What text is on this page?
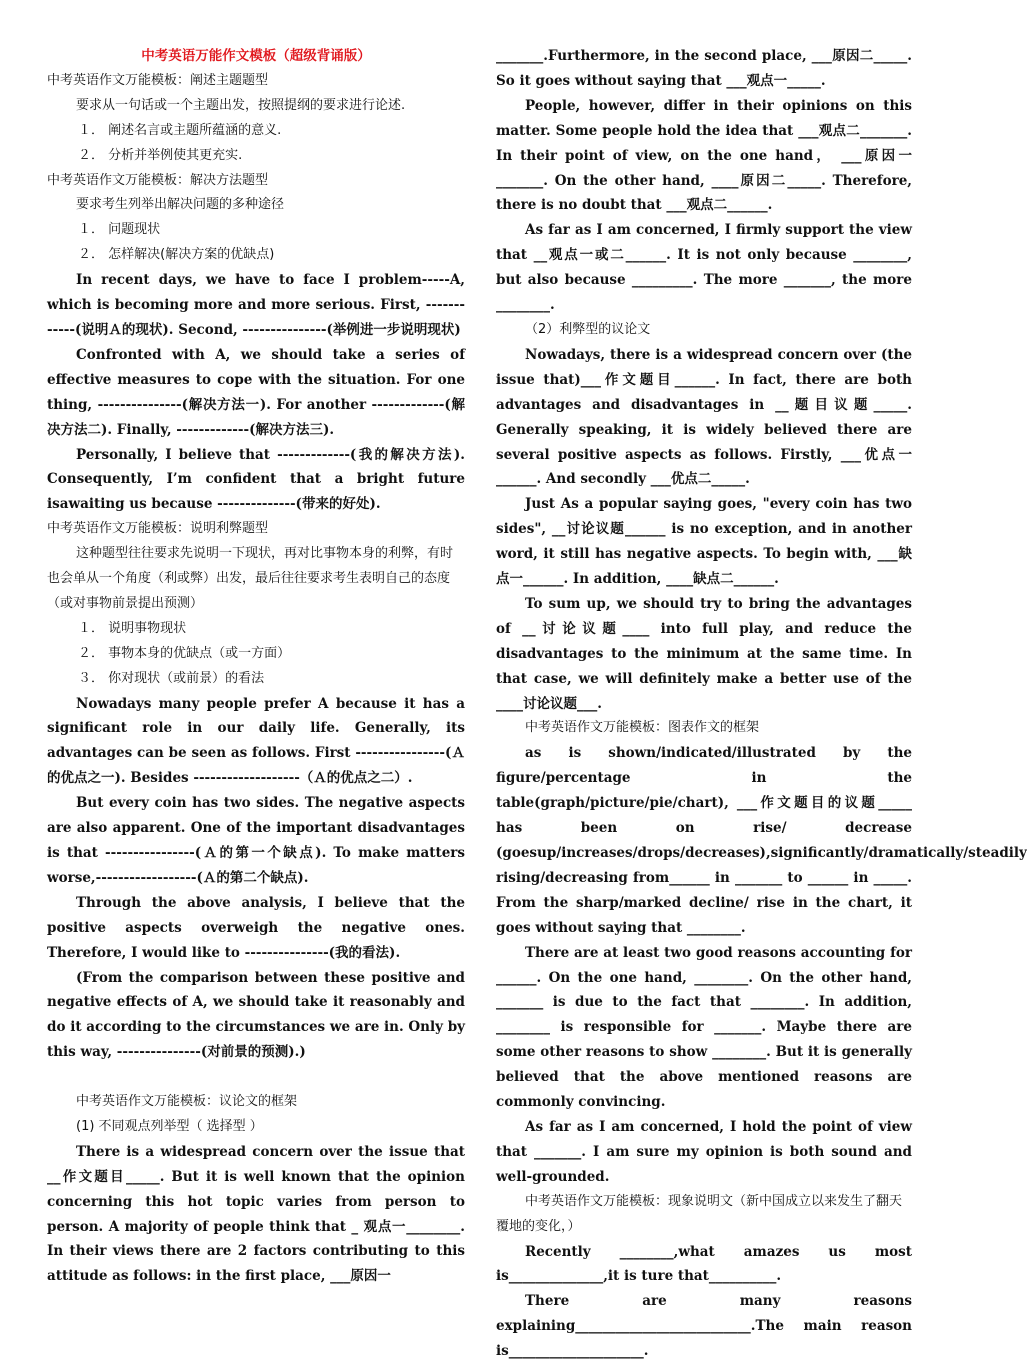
中考英语万能作文模板（超级背诵版）

中考英语作文万能模板：阐述主题题型

要求从一句话或一个主题出发，按照提纲的要求进行论述.

１． 阐述名言或主题所蕴涵的意义.

２． 分析并举例使其更充实.

中考英语作文万能模板：解决方法题型

要求考生列举出解决问题的多种途径

１． 问题现状

２． 怎样解决(解决方案的优缺点)

In recent days, we have to face I problem-----A, which is becoming more and more serious. First, ------------(说明Ａ的现状). Second, ---------------(举例进一步说明现状)

Confronted with A, we should take a series of effective measures to cope with the situation. For one thing, ---------------(解决方法一). For another -------------(解决方法二). Finally, -------------(解决方法三).

Personally, I believe that -------------(我的解决方法). Consequently, I’m confident that a bright future isawaiting us because --------------(带来的好处).

中考英语作文万能模板：说明利弊题型

这种题型往往要求先说明一下现状，再对比事物本身的利弊，有时也会单从一个角度（利或弊）出发，最后往往要求考生表明自己的态度（或对事物前景提出预测）

１． 说明事物现状

２． 事物本身的优缺点（或一方面）

３． 你对现状（或前景）的看法

Nowadays many people prefer A because it has a significant role in our daily life. Generally, its advantages can be seen as follows. First ----------------(Ａ的优点之一). Besides -------------------（Ａ的优点之二）.

But every coin has two sides. The negative aspects are also apparent. One of the important disadvantages is that ----------------(Ａ的第一个缺点). To make matters worse,------------------(Ａ的第二个缺点).

Through the above analysis, I believe that the positive aspects overweigh the negative ones. Therefore, I would like to ---------------(我的看法).

(From the comparison between these positive and negative effects of A, we should take it reasonably and do it according to the circumstances we are in. Only by this way, ---------------(对前景的预测).)

中考英语作文万能模板：议论文的框架

(1) 不同观点列举型（ 选择型 ）

There is a widespread concern over the issue that __作文题目_____. But it is well known that the opinion concerning this hot topic varies from person to person. A majority of people think that _ 观点一________. In their views there are 2 factors contributing to this attitude as follows: in the first place, ___原因一

_______.Furthermore, in the second place, ___原因二_____. So it goes without saying that ___观点一_____.

People, however, differ in their opinions on this matter. Some people hold the idea that ___观点二_______. In their point of view, on the one hand， ___原因一_______. On the other hand, ____原因二_____. Therefore, there is no doubt that ___观点二______.

As far as I am concerned, I firmly support the view that __观点一或二______. It is not only because ________, but also because _________. The more _______, the more ________.

（2）利弊型的议论文

Nowadays, there is a widespread concern over (the issue that)___作文题目______. In fact, there are both advantages and disadvantages in __题目议题_____. Generally speaking, it is widely believed there are several positive aspects as follows. Firstly, ___优点一______. And secondly ___优点二_____.

Just As a popular saying goes, "every coin has two sides", __讨论议题______ is no exception, and in another word, it still has negative aspects. To begin with, ___缺点一______. In addition, ____缺点二______.

To sum up, we should try to bring the advantages of __讨论议题____ into full play, and reduce the disadvantages to the minimum at the same time. In that case, we will definitely make a better use of the ____讨论议题___.

中考英语作文万能模板：图表作文的框架

as is shown/indicated/illustrated by the figure/percentage in the table(graph/picture/pie/chart), ___作文题目的议题_____ has been on rise/ decrease (goesup/increases/drops/decreases),significantly/dramatically/steadily rising/decreasing from______ in _______ to ______ in _____. From the sharp/marked decline/ rise in the chart, it goes without saying that ________.

There are at least two good reasons accounting for ______. On the one hand, ________. On the other hand, _______ is due to the fact that ________. In addition, ________ is responsible for _______. Maybe there are some other reasons to show ________. But it is generally believed that the above mentioned reasons are commonly convincing.

As far as I am concerned, I hold the point of view that _______. I am sure my opinion is both sound and well-grounded.

中考英语作文万能模板：现象说明文（新中国成立以来发生了翻天覆地的变化，）

Recently ________,what amazes us most is______________,it is ture that__________.

There are many reasons explaining__________________________.The main reason is____________________.
